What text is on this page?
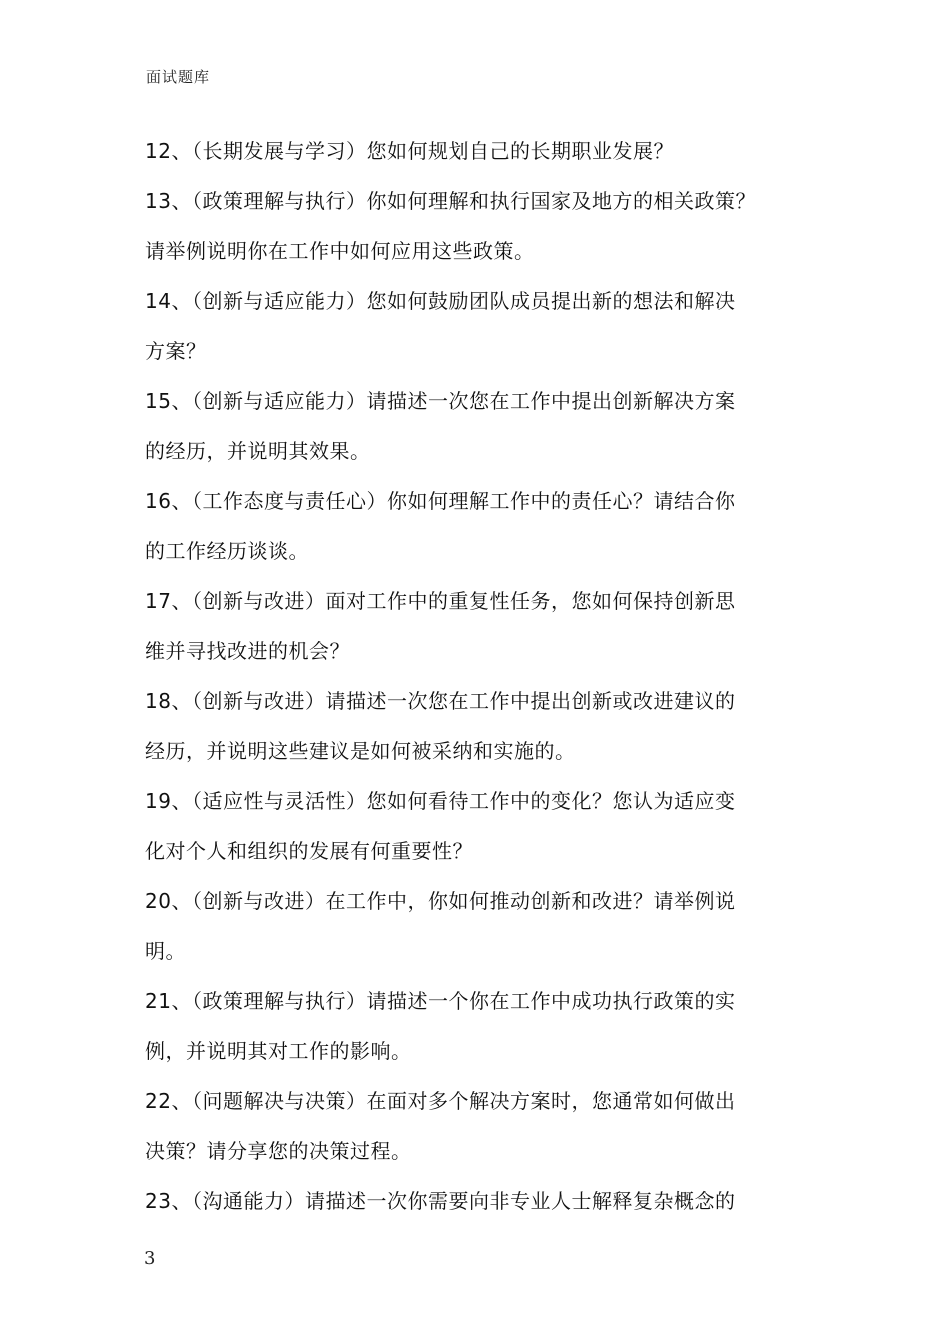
面试题库
12、（长期发展与学习）您如何规划自己的长期职业发展？
13、（政策理解与执行）你如何理解和执行国家及地方的相关政策？
请举例说明你在工作中如何应用这些政策。
14、（创新与适应能力）您如何鼓励团队成员提出新的想法和解决
方案？
15、（创新与适应能力）请描述一次您在工作中提出创新解决方案
的经历，并说明其效果。
16、（工作态度与责任心）你如何理解工作中的责任心？请结合你
的工作经历谈谈。
17、（创新与改进）面对工作中的重复性任务，您如何保持创新思
维并寻找改进的机会？
18、（创新与改进）请描述一次您在工作中提出创新或改进建议的
经历，并说明这些建议是如何被采纳和实施的。
19、（适应性与灵活性）您如何看待工作中的变化？您认为适应变
化对个人和组织的发展有何重要性？
20、（创新与改进）在工作中，你如何推动创新和改进？请举例说
明。
21、（政策理解与执行）请描述一个你在工作中成功执行政策的实
例，并说明其对工作的影响。
22、（问题解决与决策）在面对多个解决方案时，您通常如何做出
决策？请分享您的决策过程。
23、（沟通能力）请描述一次你需要向非专业人士解释复杂概念的
3
